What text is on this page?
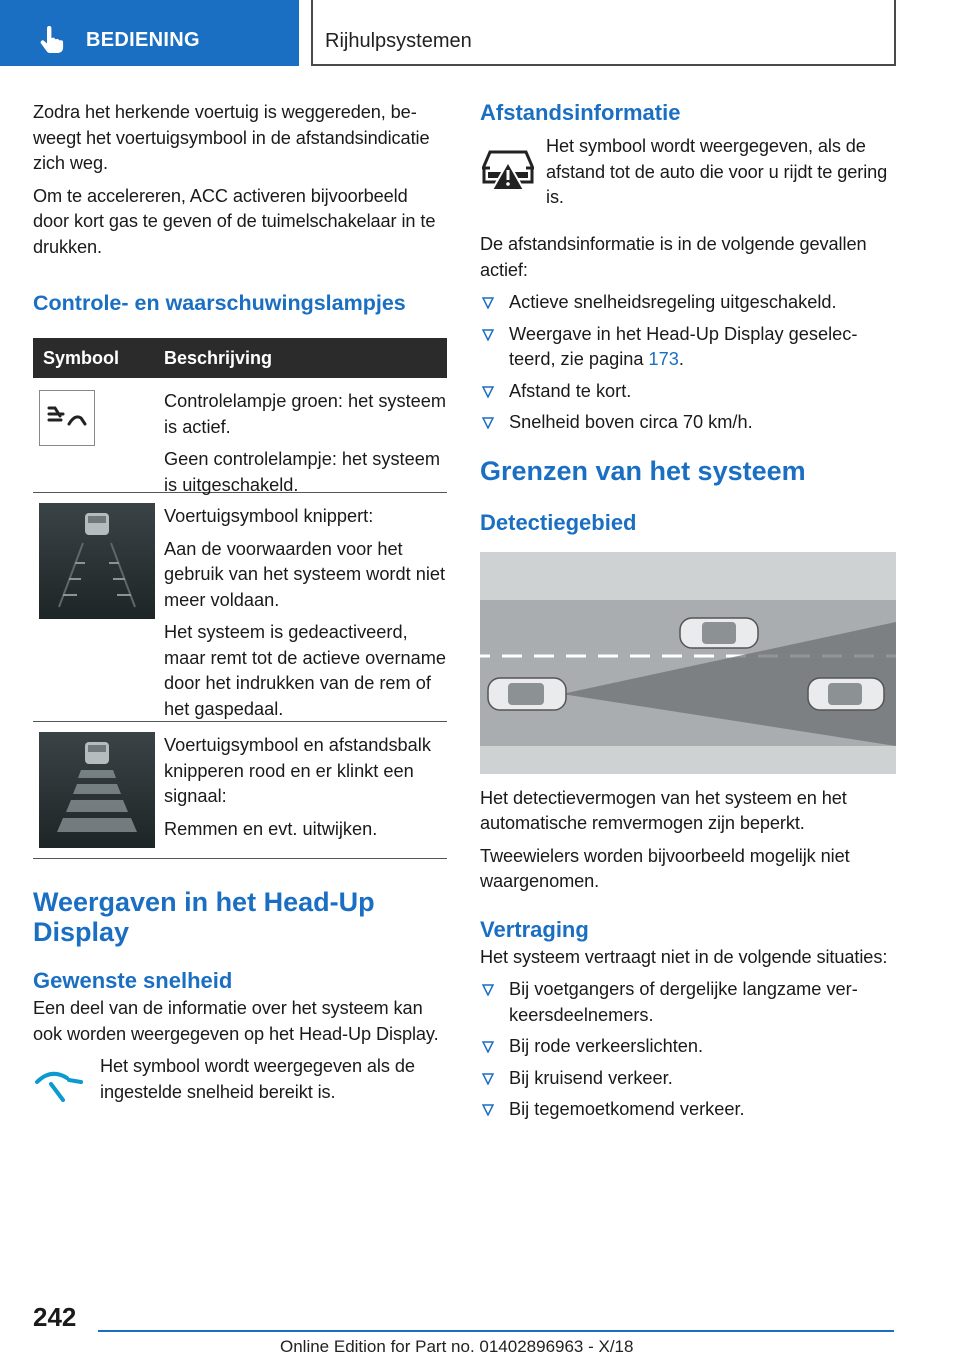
BEDIENING	Rijhulpsystemen

Zodra het herkende voertuig is weggereden, beweegt het voertuigsymbool in de afstandsindicatie zich weg.

Om te accelereren, ACC activeren bijvoorbeeld door kort gas te geven of de tuimelschakelaar in te drukken.

Controle- en waarschuwingslampjes
Symbool	Beschrijving

Controlelampje groen: het systeem is actief.

Geen controlelampje: het systeem is uitgeschakeld.

Voertuigsymbool knippert:

Aan de voorwaarden voor het gebruik van het systeem wordt niet meer voldaan.

Het systeem is gedeactiveerd, maar remt tot de actieve overname door het indrukken van de rem of het gaspedaal.

Voertuigsymbool en afstandsbalk knipperen rood en er klinkt een signaal:

Remmen en evt. uitwijken.

Weergaven in het Head-Up Display
Gewenste snelheid

Een deel van de informatie over het systeem kan ook worden weergegeven op het Head-Up Display.

Het symbool wordt weergegeven als de ingestelde snelheid bereikt is.

Afstandsinformatie

Het symbool wordt weergegeven, als de afstand tot de auto die voor u rijdt te gering is.

De afstandsinformatie is in de volgende gevallen actief:

Actieve snelheidsregeling uitgeschakeld.
Weergave in het Head-Up Display geselecteerd, zie pagina 173.
Afstand te kort.
Snelheid boven circa 70 km/h.
Grenzen van het systeem
Detectiegebied

Het detectievermogen van het systeem en het automatische remvermogen zijn beperkt.

Tweewielers worden bijvoorbeeld mogelijk niet waargenomen.

Vertraging

Het systeem vertraagt niet in de volgende situaties:

Bij voetgangers of dergelijke langzame verkeersdeelnemers.
Bij rode verkeerslichten.
Bij kruisend verkeer.
Bij tegemoetkomend verkeer.
242
Online Edition for Part no. 01402896963 - X/18
